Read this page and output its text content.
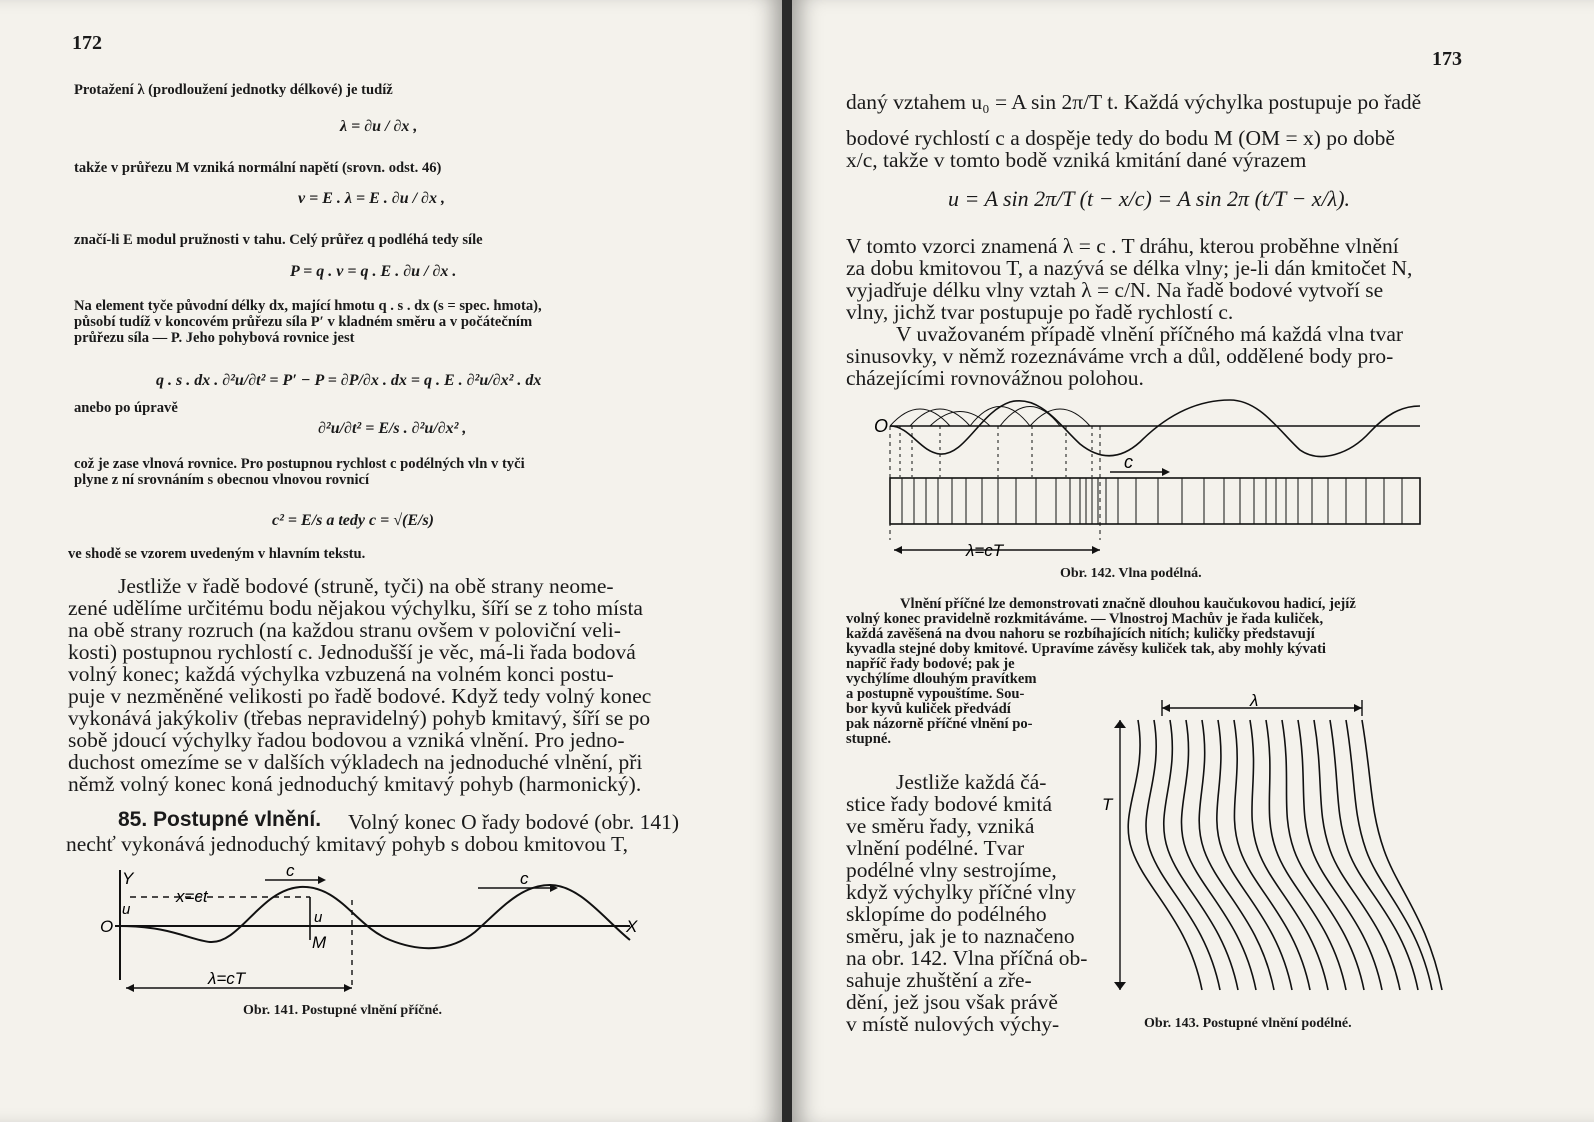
172
Protažení λ (prodloužení jednotky délkové) je tudíž
λ = ∂u / ∂x ,
takže v průřezu M vzniká normální napětí (srovn. odst. 46)
ν = E . λ = E . ∂u / ∂x ,
značí-li E modul pružnosti v tahu. Celý průřez q podléhá tedy síle
P = q . ν = q . E . ∂u / ∂x .
Na element tyče původní délky dx, mající hmotu q . s . dx (s = spec. hmota),
působí tudíž v koncovém průřezu síla P′ v kladném směru a v počátečním
průřezu síla — P. Jeho pohybová rovnice jest
q . s . dx . ∂²u/∂t² = P′ − P = ∂P/∂x . dx = q . E . ∂²u/∂x² . dx
anebo po úpravě
∂²u/∂t² = E/s . ∂²u/∂x² ,
což je zase vlnová rovnice. Pro postupnou rychlost c podélných vln v tyči
plyne z ní srovnáním s obecnou vlnovou rovnicí
c² = E/s a tedy c = √(E/s)
ve shodě se vzorem uvedeným v hlavním tekstu.
Jestliže v řadě bodové (struně, tyči) na obě strany neome-
zené udělíme určitému bodu nějakou výchylku, šíří se z toho místa
na obě strany rozruch (na každou stranu ovšem v poloviční veli-
kosti) postupnou rychlostí c. Jednodušší je věc, má-li řada bodová
volný konec; každá výchylka vzbuzená na volném konci postu-
puje v nezměněné velikosti po řadě bodové. Když tedy volný konec
vykonává jakýkoliv (třebas nepravidelný) pohyb kmitavý, šíří se po
sobě jdoucí výchylky řadou bodovou a vzniká vlnění. Pro jedno-
duchost omezíme se v dalších výkladech na jednoduché vlnění, při
němž volný konec koná jednoduchý kmitavý pohyb (harmonický).
85. Postupné vlnění. Volný konec O řady bodové (obr. 141)
nechť vykonává jednoduchý kmitavý pohyb s dobou kmitovou T,
Y
x=ct
c	c
u	u
O
M
X
λ=cT
Obr. 141. Postupné vlnění příčné.
173
daný vztahem u₀ = A sin 2π/T t. Každá výchylka postupuje po řadě
bodové rychlostí c a dospěje tedy do bodu M (OM = x) po době
x/c, takže v tomto bodě vzniká kmitání dané výrazem
u = A sin 2π/T (t − x/c) = A sin 2π (t/T − x/λ).
V tomto vzorci znamená λ = c . T dráhu, kterou proběhne vlnění
za dobu kmitovou T, a nazývá se délka vlny; je-li dán kmitočet N,
vyjadřuje délku vlny vztah λ = c/N. Na řadě bodové vytvoří se
vlny, jichž tvar postupuje po řadě rychlostí c.
V uvažovaném případě vlnění příčného má každá vlna tvar
sinusovky, v němž rozeznáváme vrch a důl, oddělené body pro-
cházejícími rovnovážnou polohou.
O
c
λ=cT
Obr. 142. Vlna podélná.
Vlnění příčné lze demonstrovati značně dlouhou kaučukovou hadicí, jejíž
volný konec pravidelně rozkmitáváme. — Vlnostroj Machův je řada kuliček,
každá zavěšená na dvou nahoru se rozbíhajících nitích; kuličky představují
kyvadla stejné doby kmitové. Upravíme závěsy kuliček tak, aby mohly kývati
napříč řady bodové; pak je
vychýlíme dlouhým pravítkem
a postupně vypouštíme. Sou-
bor kyvů kuliček předvádí
pak názorně příčné vlnění po-
stupné.
Jestliže každá čá-
stice řady bodové kmitá
ve směru řady, vzniká
vlnění podélné. Tvar
podélné vlny sestrojíme,
když výchylky příčné vlny
sklopíme do podélného
směru, jak je to naznačeno
na obr. 142. Vlna příčná ob-
sahuje zhuštění a zře-
dění, jež jsou však právě
v místě nulových výchy-
λ
T
Obr. 143. Postupné vlnění podélné.
